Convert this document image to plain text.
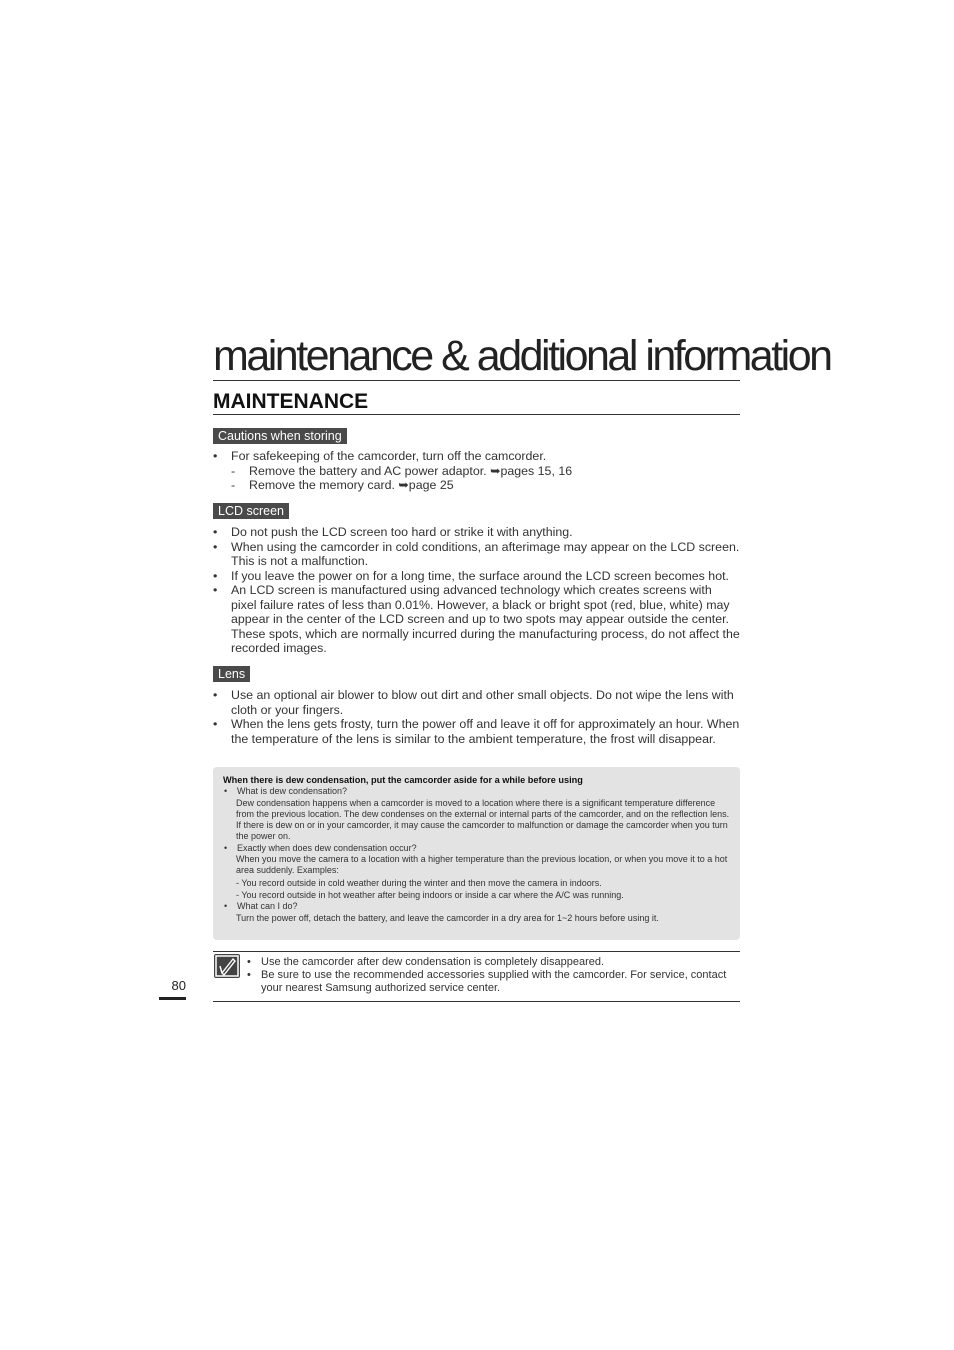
maintenance & additional information
MAINTENANCE
Cautions when storing
• For safekeeping of the camcorder, turn off the camcorder.
- Remove the battery and AC power adaptor. ➥pages 15, 16
- Remove the memory card. ➥page 25
LCD screen
• Do not push the LCD screen too hard or strike it with anything.
• When using the camcorder in cold conditions, an afterimage may appear on the LCD screen. This is not a malfunction.
• If you leave the power on for a long time, the surface around the LCD screen becomes hot.
• An LCD screen is manufactured using advanced technology which creates screens with pixel failure rates of less than 0.01%. However, a black or bright spot (red, blue, white) may appear in the center of the LCD screen and up to two spots may appear outside the center. These spots, which are normally incurred during the manufacturing process, do not affect the recorded images.
Lens
• Use an optional air blower to blow out dirt and other small objects. Do not wipe the lens with cloth or your fingers.
• When the lens gets frosty, turn the power off and leave it off for approximately an hour. When the temperature of the lens is similar to the ambient temperature, the frost will disappear.
When there is dew condensation, put the camcorder aside for a while before using
• What is dew condensation?
Dew condensation happens when a camcorder is moved to a location where there is a significant temperature difference from the previous location. The dew condenses on the external or internal parts of the camcorder, and on the reflection lens. If there is dew on or in your camcorder, it may cause the camcorder to malfunction or damage the camcorder when you turn the power on.
• Exactly when does dew condensation occur?
When you move the camera to a location with a higher temperature than the previous location, or when you move it to a hot area suddenly. Examples:
- You record outside in cold weather during the winter and then move the camera in indoors.
- You record outside in hot weather after being indoors or inside a car where the A/C was running.
• What can I do?
Turn the power off, detach the battery, and leave the camcorder in a dry area for 1~2 hours before using it.
• Use the camcorder after dew condensation is completely disappeared.
• Be sure to use the recommended accessories supplied with the camcorder. For service, contact your nearest Samsung authorized service center.
80
